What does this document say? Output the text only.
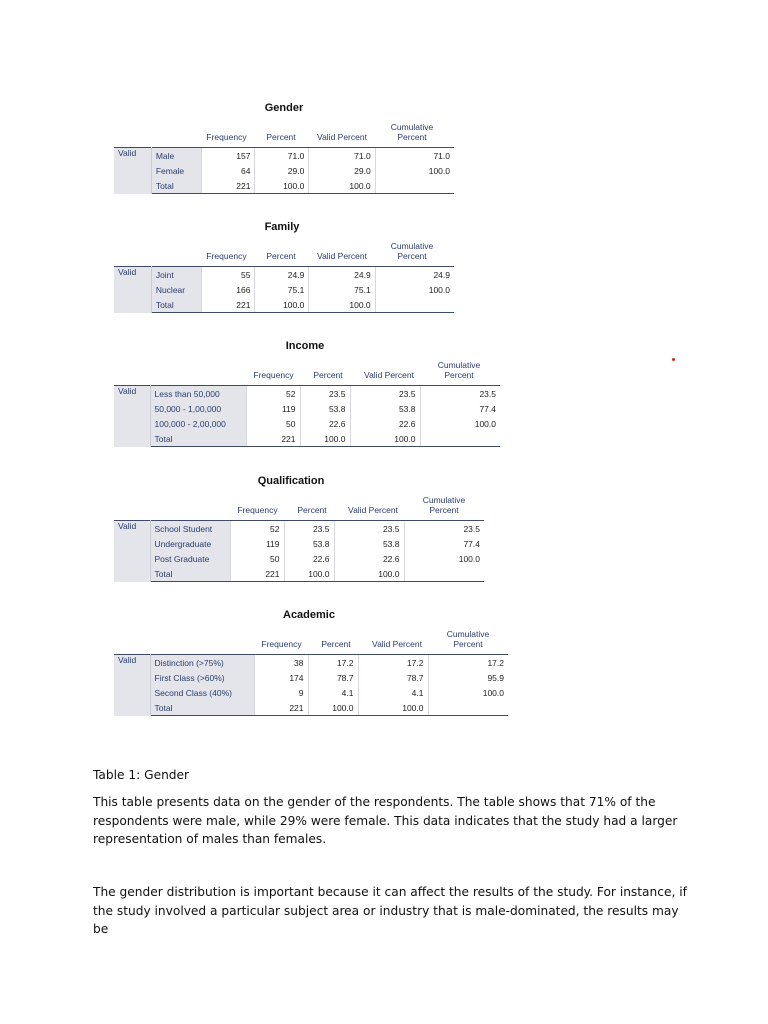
Gender
Frequency	Percent	Valid Percent
Cumulative Percent
Valid	Male	157	71.0	71.0	71.0
	Female	64	29.0	29.0	100.0
	Total	221	100.0	100.0	
Family
Frequency	Percent	Valid Percent
Cumulative Percent
Valid	Joint	55	24.9	24.9	24.9
	Nuclear	166	75.1	75.1	100.0
	Total	221	100.0	100.0	
Income
Frequency	Percent	Valid Percent
Cumulative Percent
Valid	Less than 50,000	52	23.5	23.5	23.5
	50,000 - 1,00,000	119	53.8	53.8	77.4
	100,000 - 2,00,000	50	22.6	22.6	100.0
	Total	221	100.0	100.0	
Qualification
Frequency	Percent	Valid Percent
Cumulative Percent
Valid	School Student	52	23.5	23.5	23.5
	Undergraduate	119	53.8	53.8	77.4
	Post Graduate	50	22.6	22.6	100.0
	Total	221	100.0	100.0	
Academic
Frequency	Percent	Valid Percent
Cumulative Percent
Valid	Distinction (>75%)	38	17.2	17.2	17.2
	First Class (>60%)	174	78.7	78.7	95.9
	Second Class (40%)	9	4.1	4.1	100.0
	Total	221	100.0	100.0	

Table 1: Gender

This table presents data on the gender of the respondents. The table shows that 71% of the respondents were male, while 29% were female. This data indicates that the study had a larger representation of males than females.

The gender distribution is important because it can affect the results of the study. For instance, if the study involved a particular subject area or industry that is male-dominated, the results may be
